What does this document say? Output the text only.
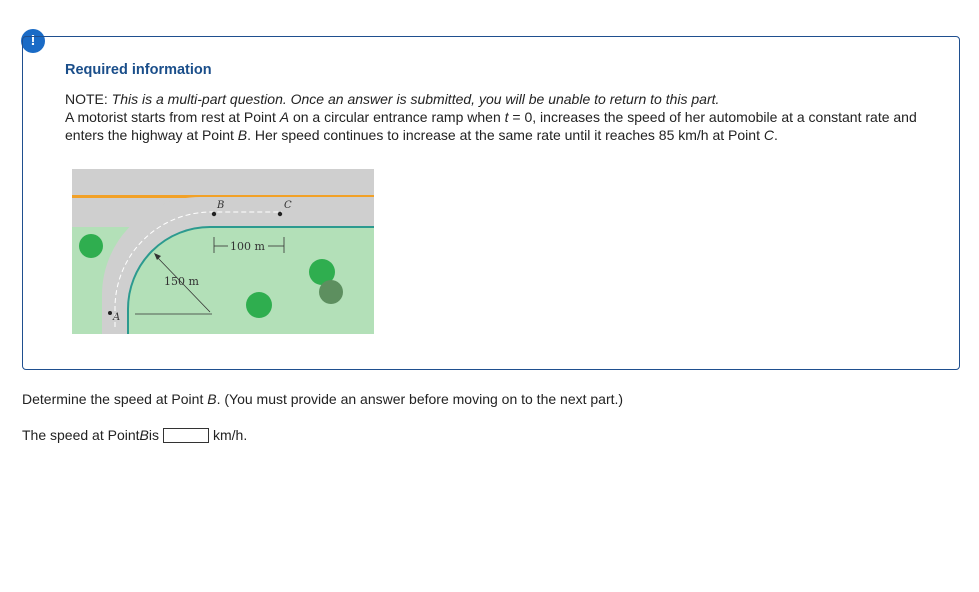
!
Required information

NOTE: This is a multi-part question. Once an answer is submitted, you will be unable to return to this part.
A motorist starts from rest at Point A on a circular entrance ramp when t = 0, increases the speed of her automobile at a constant rate and enters the highway at Point B. Her speed continues to increase at the same rate until it reaches 85 km/h at Point C.

150 m
100 m
B	C
A

Determine the speed at Point B. (You must provide an answer before moving on to the next part.)

The speed at Point B is	km/h.
